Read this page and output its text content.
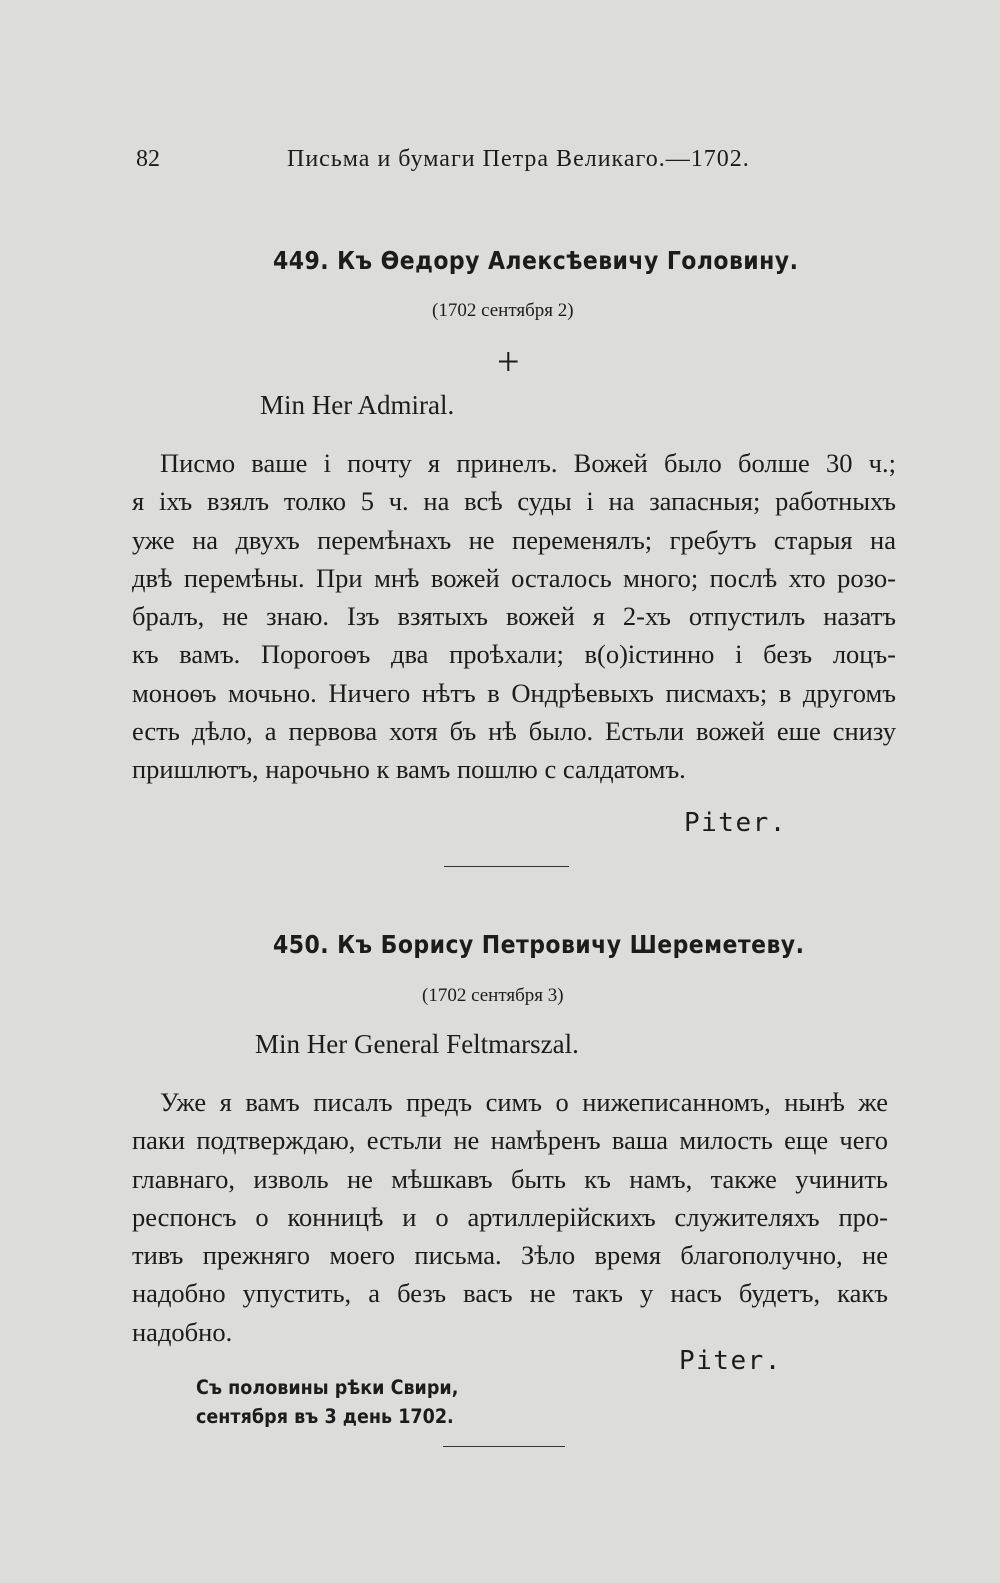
82	Письма и бумаги Петра Великаго.—1702.
449. Къ Өедору Алексѣевичу Головину.
(1702 сентября 2)
+
Min Her Admiral.
Писмо ваше і почту я принелъ. Вожей было болше 30 ч.;
я іхъ взялъ толко 5 ч. на всѣ суды і на запасныя; работныхъ
уже на двухъ перемѣнахъ не переменялъ; гребутъ старыя на
двѣ перемѣны. При мнѣ вожей осталось много; послѣ хто розо-
бралъ, не знаю. Ізъ взятыхъ вожей я 2-хъ отпустилъ назатъ
къ вамъ. Порогоѳъ два проѣхали; в(о)істинно і безъ лоцъ-
моноѳъ мочьно. Ничего нѣтъ в Ондрѣевыхъ писмахъ; в другомъ
есть дѣло, а первова хотя бъ нѣ было. Естьли вожей еше снизу
пришлютъ, нарочьно к вамъ пошлю с салдатомъ.
Piter.
450. Къ Борису Петровичу Шереметеву.
(1702 сентября 3)
Min Her General Feltmarszal.
Уже я вамъ писалъ предъ симъ о нижеписанномъ, нынѣ же
паки подтверждаю, естьли не намѣренъ ваша милость еще чего
главнаго, изволь не мѣшкавъ быть къ намъ, также учинить
респонсъ о конницѣ и о артиллерійскихъ служителяхъ про-
тивъ прежняго моего письма. Зѣло время благополучно, не
надобно упустить, а безъ васъ не такъ у насъ будетъ, какъ
надобно.
Piter.
Съ половины рѣки Свири,
сентября въ 3 день 1702.
